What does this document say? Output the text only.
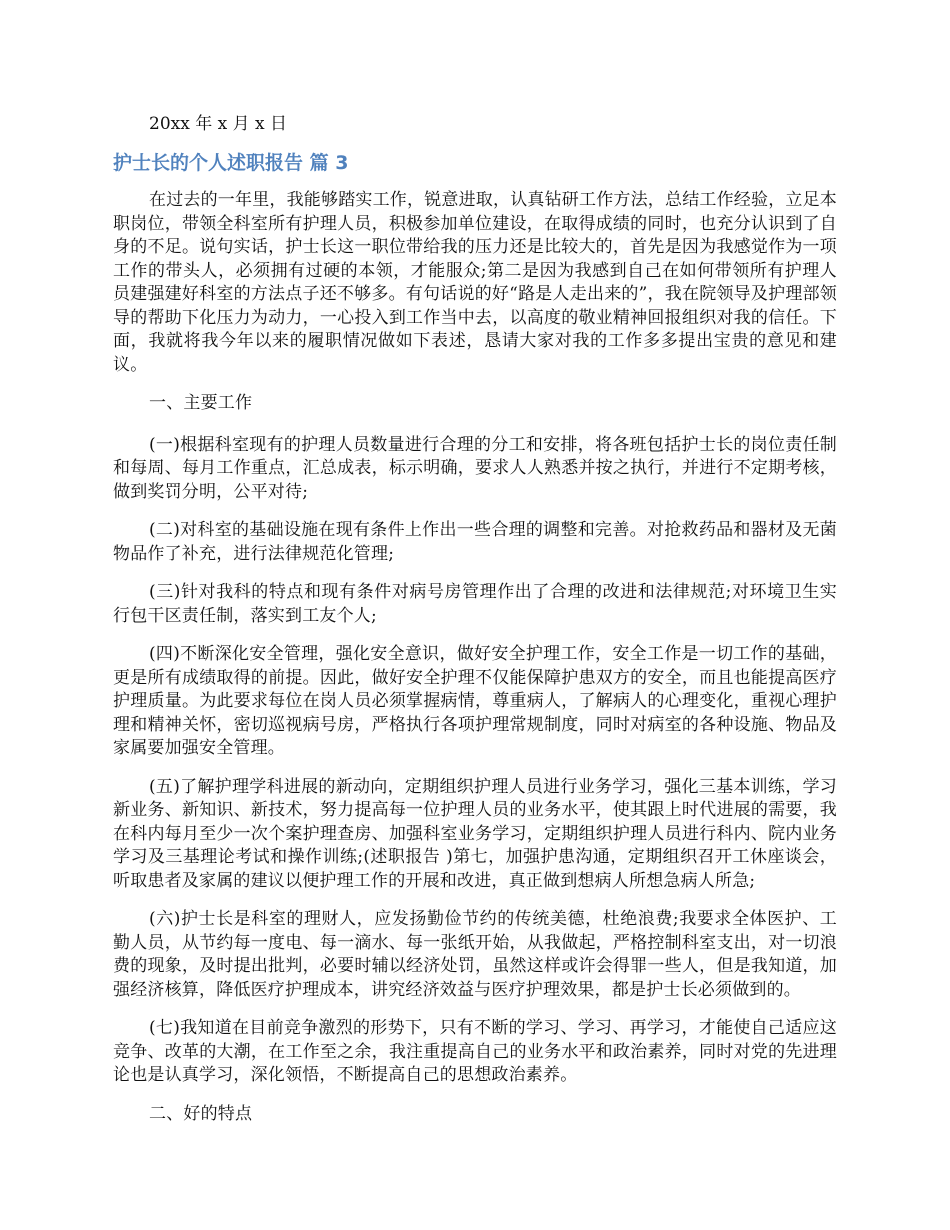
20xx 年 x 月 x 日

护士长的个人述职报告 篇 3

在过去的一年里，我能够踏实工作，锐意进取，认真钻研工作方法，总结工作经验，立足本职岗位，带领全科室所有护理人员，积极参加单位建设，在取得成绩的同时，也充分认识到了自身的不足。说句实话，护士长这一职位带给我的压力还是比较大的，首先是因为我感觉作为一项工作的带头人，必须拥有过硬的本领，才能服众;第二是因为我感到自己在如何带领所有护理人员建强建好科室的方法点子还不够多。有句话说的好“路是人走出来的”，我在院领导及护理部领导的帮助下化压力为动力，一心投入到工作当中去，以高度的敬业精神回报组织对我的信任。下面，我就将我今年以来的履职情况做如下表述，恳请大家对我的工作多多提出宝贵的意见和建议。

一、主要工作

(一)根据科室现有的护理人员数量进行合理的分工和安排，将各班包括护士长的岗位责任制和每周、每月工作重点，汇总成表，标示明确，要求人人熟悉并按之执行，并进行不定期考核，做到奖罚分明，公平对待;

(二)对科室的基础设施在现有条件上作出一些合理的调整和完善。对抢救药品和器材及无菌物品作了补充，进行法律规范化管理;

(三)针对我科的特点和现有条件对病号房管理作出了合理的改进和法律规范;对环境卫生实行包干区责任制，落实到工友个人;

(四)不断深化安全管理，强化安全意识，做好安全护理工作，安全工作是一切工作的基础，更是所有成绩取得的前提。因此，做好安全护理不仅能保障护患双方的安全，而且也能提高医疗护理质量。为此要求每位在岗人员必须掌握病情，尊重病人，了解病人的心理变化，重视心理护理和精神关怀，密切巡视病号房，严格执行各项护理常规制度，同时对病室的各种设施、物品及家属要加强安全管理。

(五)了解护理学科进展的新动向，定期组织护理人员进行业务学习，强化三基本训练，学习新业务、新知识、新技术，努力提高每一位护理人员的业务水平，使其跟上时代进展的需要，我在科内每月至少一次个案护理查房、加强科室业务学习，定期组织护理人员进行科内、院内业务学习及三基理论考试和操作训练;(述职报告 )第七，加强护患沟通，定期组织召开工休座谈会，听取患者及家属的建议以便护理工作的开展和改进，真正做到想病人所想急病人所急;

(六)护士长是科室的理财人，应发扬勤俭节约的传统美德，杜绝浪费;我要求全体医护、工勤人员，从节约每一度电、每一滴水、每一张纸开始，从我做起，严格控制科室支出，对一切浪费的现象，及时提出批判，必要时辅以经济处罚，虽然这样或许会得罪一些人，但是我知道，加强经济核算，降低医疗护理成本，讲究经济效益与医疗护理效果，都是护士长必须做到的。

(七)我知道在目前竞争激烈的形势下，只有不断的学习、学习、再学习，才能使自己适应这竞争、改革的大潮，在工作至之余，我注重提高自己的业务水平和政治素养，同时对党的先进理论也是认真学习，深化领悟，不断提高自己的思想政治素养。

二、好的特点
